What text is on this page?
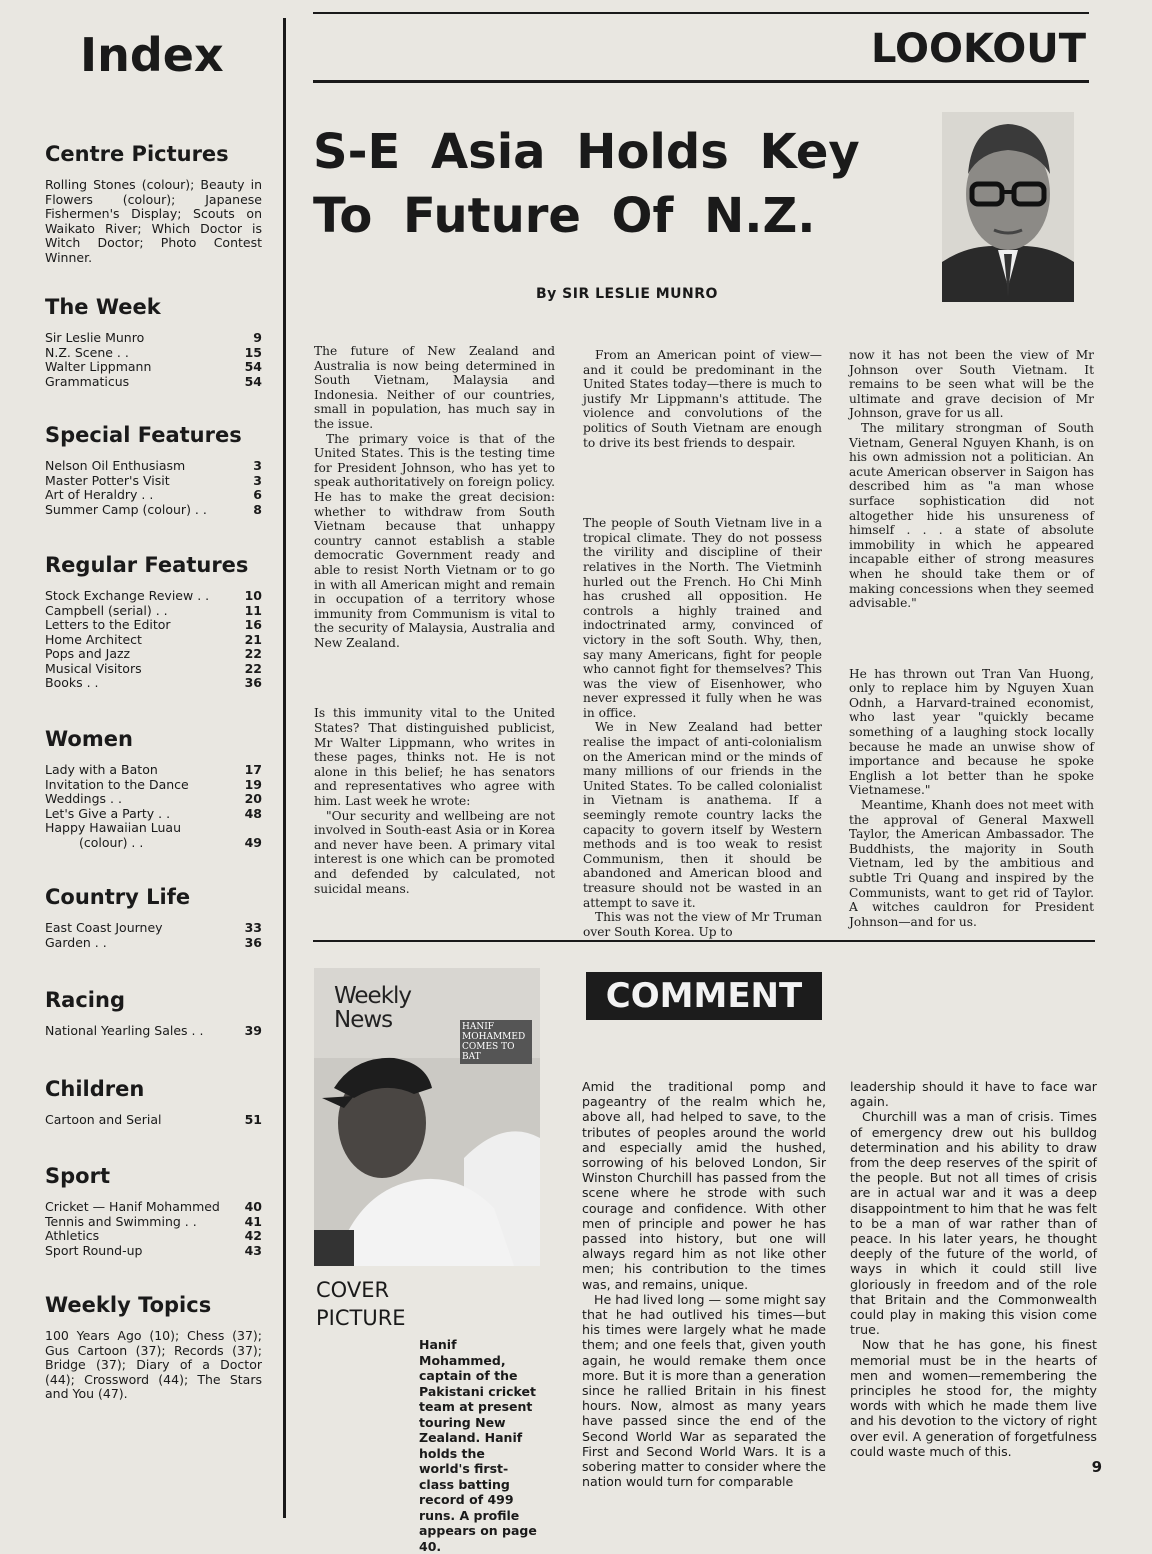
Index
Centre Pictures

Rolling Stones (colour); Beauty in Flowers (colour); Japanese Fishermen's Display; Scouts on Waikato River; Which Doctor is Witch Doctor; Photo Contest Winner.

The Week
Sir Leslie Munro	9
N.Z. Scene . .	15
Walter Lippmann	54
Grammaticus	54
Special Features
Nelson Oil Enthusiasm	3
Master Potter's Visit	3
Art of Heraldry . .	6
Summer Camp (colour) . .	8
Regular Features
Stock Exchange Review . .	10
Campbell (serial) . .	11
Letters to the Editor	16
Home Architect	21
Pops and Jazz	22
Musical Visitors	22
Books . .	36
Women
Lady with a Baton	17
Invitation to the Dance	19
Weddings . .	20
Let's Give a Party . .	48
Happy Hawaiian Luau
(colour) . .	49
Country Life
East Coast Journey	33
Garden . .	36
Racing
National Yearling Sales . .	39
Children
Cartoon and Serial	51
Sport
Cricket — Hanif Mohammed 40
Tennis and Swimming . .	41
Athletics	42
Sport Round-up	43
Weekly Topics

100 Years Ago (10); Chess (37); Gus Cartoon (37); Records (37); Bridge (37); Diary of a Doctor (44); Crossword (44); The Stars and You (47).

LOOKOUT
S-E Asia Holds Key
To Future Of N.Z.
By SIR LESLIE MUNRO

The future of New Zealand and Australia is now being determined in South Vietnam, Malaysia and Indonesia. Neither of our countries, small in population, has much say in the issue.

The primary voice is that of the United States. This is the testing time for President Johnson, who has yet to speak authoritatively on foreign policy. He has to make the great decision: whether to withdraw from South Vietnam because that unhappy country cannot establish a stable democratic Government ready and able to resist North Vietnam or to go in with all American might and remain in occupation of a territory whose immunity from Communism is vital to the security of Malaysia, Australia and New Zealand.

Is this immunity vital to the United States? That distinguished publicist, Mr Walter Lippmann, who writes in these pages, thinks not. He is not alone in this belief; he has senators and representatives who agree with him. Last week he wrote:

"Our security and wellbeing are not involved in South-east Asia or in Korea and never have been. A primary vital interest is one which can be promoted and defended by calculated, not suicidal means.

From an American point of view—and it could be predominant in the United States today—there is much to justify Mr Lippmann's attitude. The violence and convolutions of the politics of South Vietnam are enough to drive its best friends to despair.

The people of South Vietnam live in a tropical climate. They do not possess the virility and discipline of their relatives in the North. The Vietminh hurled out the French. Ho Chi Minh has crushed all opposition. He controls a highly trained and indoctrinated army, convinced of victory in the soft South. Why, then, say many Americans, fight for people who cannot fight for themselves? This was the view of Eisenhower, who never expressed it fully when he was in office.

We in New Zealand had better realise the impact of anti-colonialism on the American mind or the minds of many millions of our friends in the United States. To be called colonialist in Vietnam is anathema. If a seemingly remote country lacks the capacity to govern itself by Western methods and is too weak to resist Communism, then it should be abandoned and American blood and treasure should not be wasted in an attempt to save it.

This was not the view of Mr Truman over South Korea. Up to

now it has not been the view of Mr Johnson over South Vietnam. It remains to be seen what will be the ultimate and grave decision of Mr Johnson, grave for us all.

The military strongman of South Vietnam, General Nguyen Khanh, is on his own admission not a politician. An acute American observer in Saigon has described him as "a man whose surface sophistication did not altogether hide his unsureness of himself . . . a state of absolute immobility in which he appeared incapable either of strong measures when he should take them or of making concessions when they seemed advisable."

He has thrown out Tran Van Huong, only to replace him by Nguyen Xuan Odnh, a Harvard-trained economist, who last year "quickly became something of a laughing stock locally because he made an unwise show of importance and because he spoke English a lot better than he spoke Vietnamese."

Meantime, Khanh does not meet with the approval of General Maxwell Taylor, the American Ambassador. The Buddhists, the majority in South Vietnam, led by the ambitious and subtle Tri Quang and inspired by the Communists, want to get rid of Taylor. A witches cauldron for President Johnson—and for us.

Weekly
News	HANIF MOHAMMED COMES TO BAT
COVER
PICTURE
Hanif Mohammed, captain of the Pakistani cricket team at present touring New Zealand. Hanif holds the world's first-class batting record of 499 runs. A profile appears on page 40.
COMMENT

Amid the traditional pomp and pageantry of the realm which he, above all, had helped to save, to the tributes of peoples around the world and especially amid the hushed, sorrowing of his beloved London, Sir Winston Churchill has passed from the scene where he strode with such courage and confidence. With other men of principle and power he has passed into history, but one will always regard him as not like other men; his contribution to the times was, and remains, unique.

He had lived long — some might say that he had outlived his times—but his times were largely what he made them; and one feels that, given youth again, he would remake them once more. But it is more than a generation since he rallied Britain in his finest hours. Now, almost as many years have passed since the end of the Second World War as separated the First and Second World Wars. It is a sobering matter to consider where the nation would turn for comparable

leadership should it have to face war again.

Churchill was a man of crisis. Times of emergency drew out his bulldog determination and his ability to draw from the deep reserves of the spirit of the people. But not all times of crisis are in actual war and it was a deep disappointment to him that he was felt to be a man of war rather than of peace. In his later years, he thought deeply of the future of the world, of ways in which it could still live gloriously in freedom and of the role that Britain and the Commonwealth could play in making this vision come true.

Now that he has gone, his finest memorial must be in the hearts of men and women—remembering the principles he stood for, the mighty words with which he made them live and his devotion to the victory of right over evil. A generation of forgetfulness could waste much of this.

9
